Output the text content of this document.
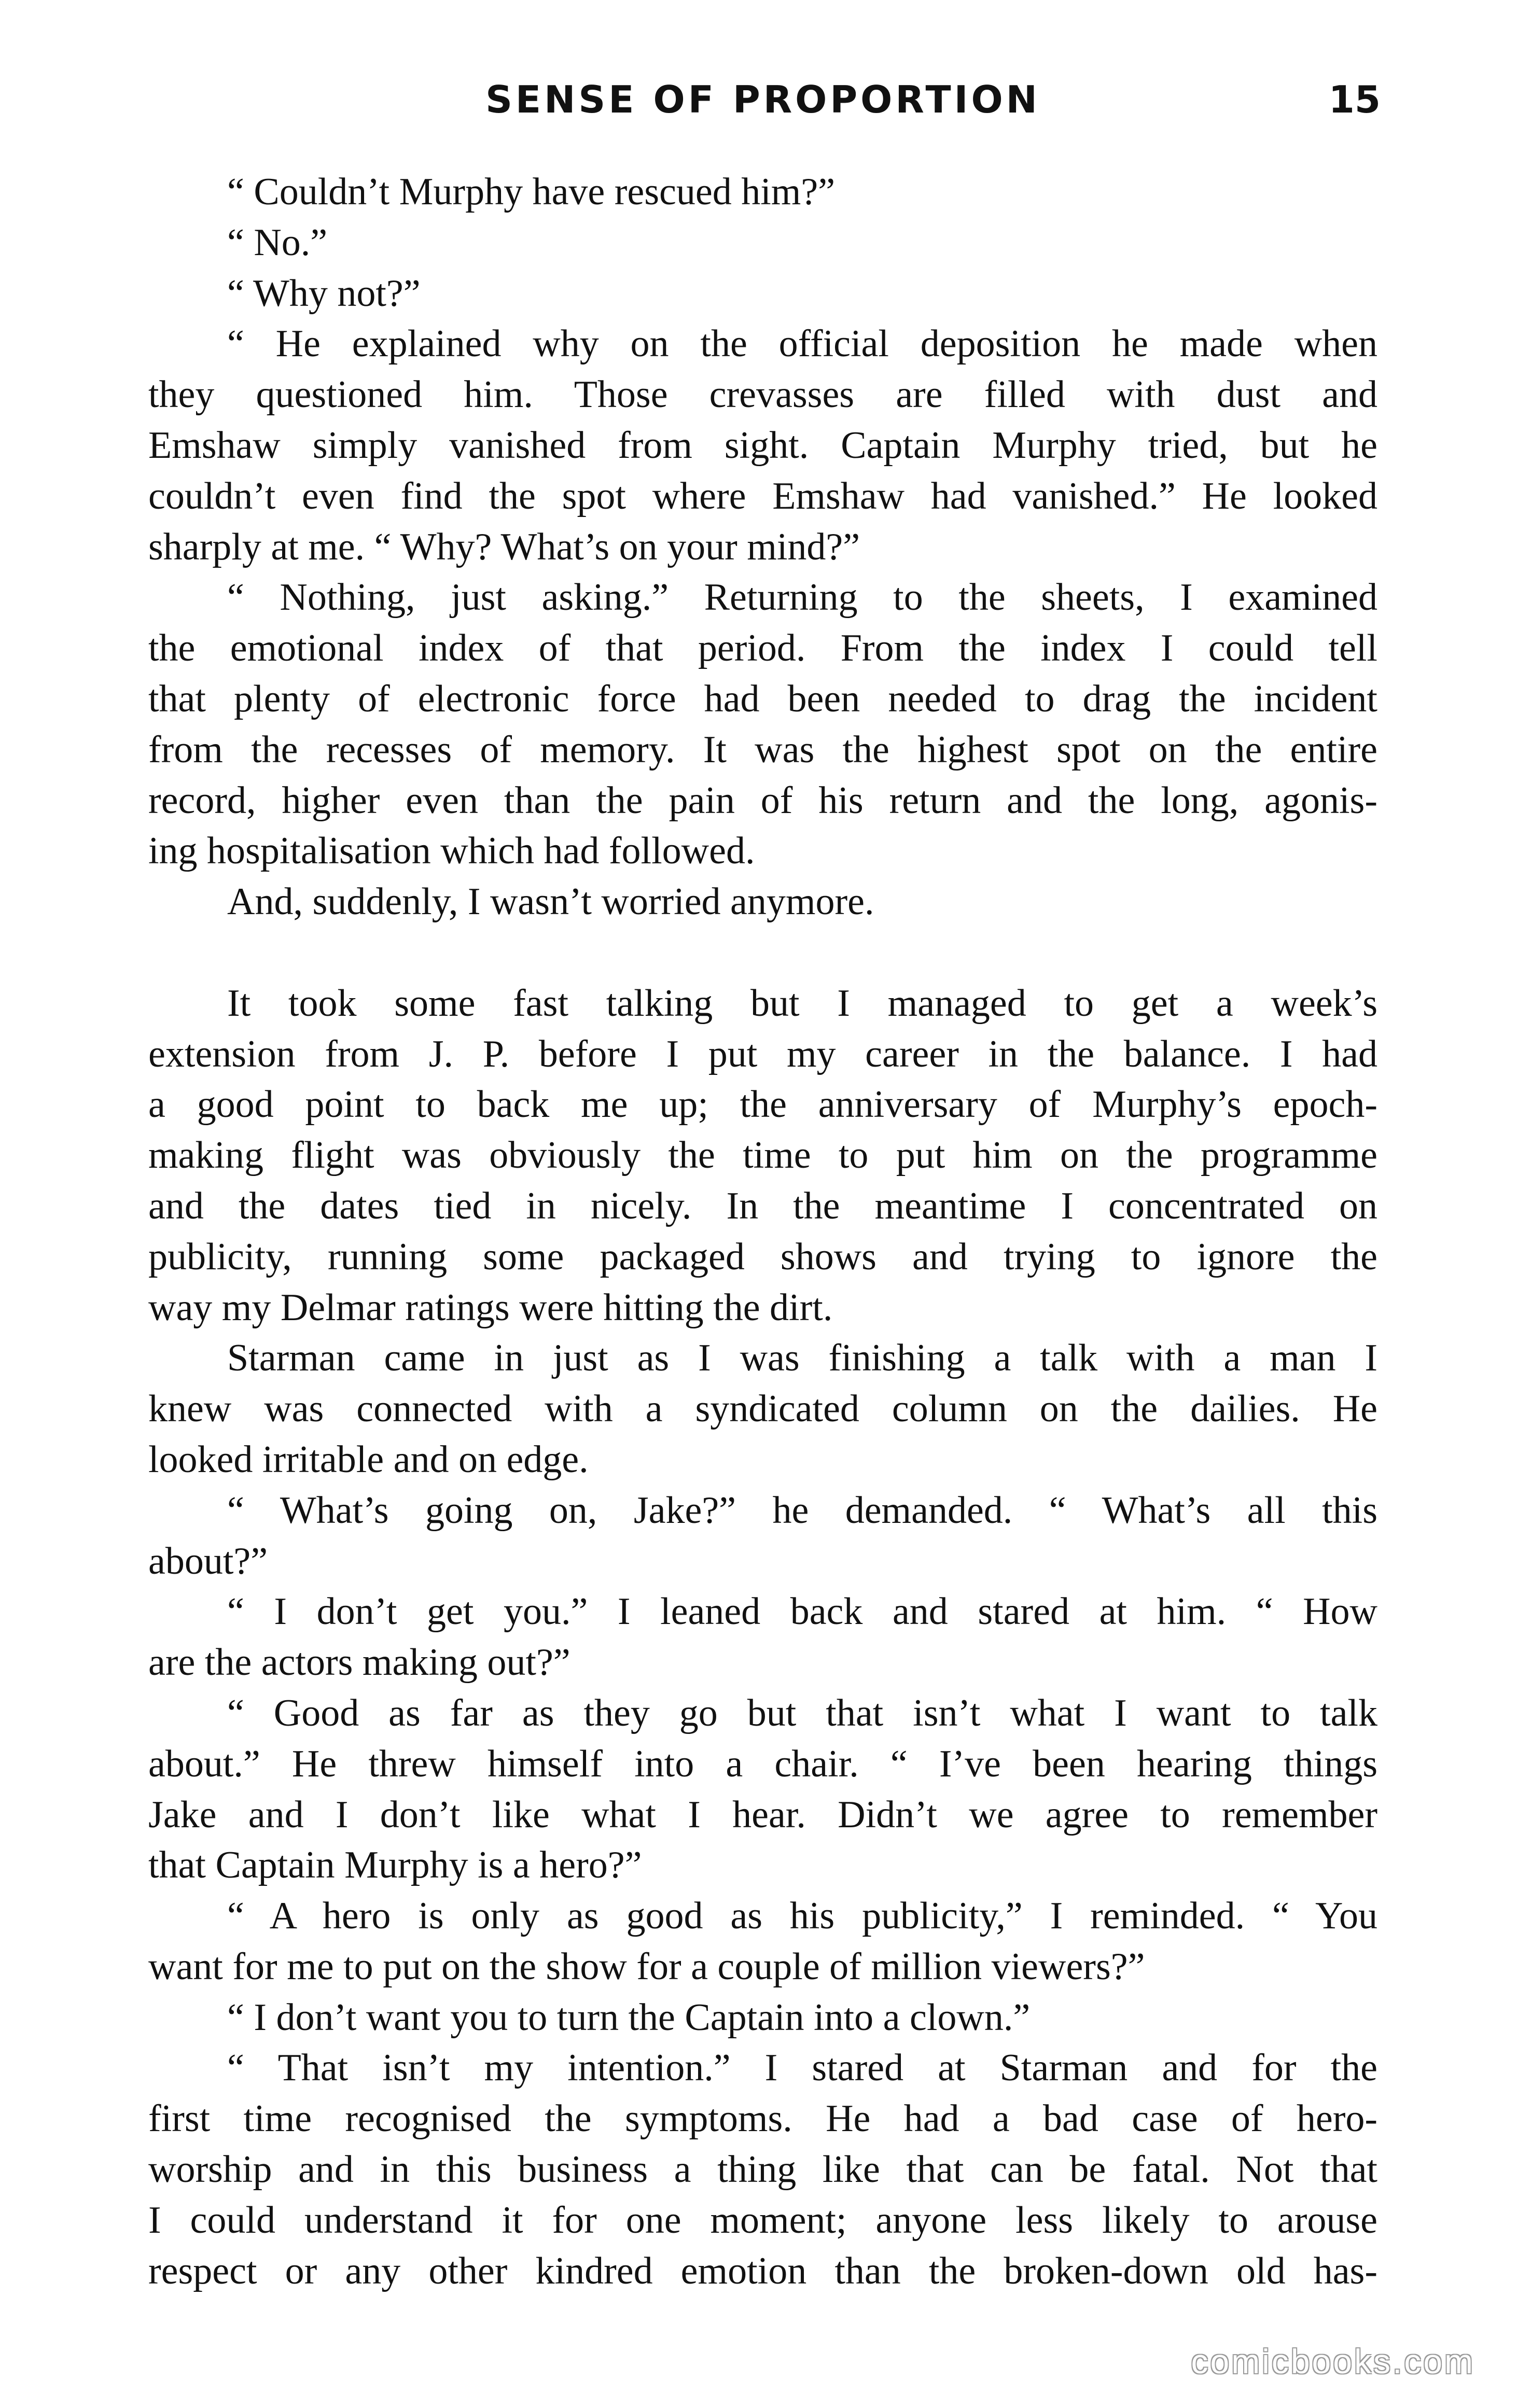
SENSE OF PROPORTION	15
“ Couldn’t Murphy have rescued him?”
“ No.”
“ Why not?”
“ He explained why on the official deposition he made when
they questioned him. Those crevasses are filled with dust and
Emshaw simply vanished from sight. Captain Murphy tried, but he
couldn’t even find the spot where Emshaw had vanished.” He looked
sharply at me. “ Why? What’s on your mind?”
“ Nothing, just asking.” Returning to the sheets, I examined
the emotional index of that period. From the index I could tell
that plenty of electronic force had been needed to drag the incident
from the recesses of memory. It was the highest spot on the entire
record, higher even than the pain of his return and the long, agonis-
ing hospitalisation which had followed.
And, suddenly, I wasn’t worried anymore.
It took some fast talking but I managed to get a week’s
extension from J. P. before I put my career in the balance. I had
a good point to back me up; the anniversary of Murphy’s epoch-
making flight was obviously the time to put him on the programme
and the dates tied in nicely. In the meantime I concentrated on
publicity, running some packaged shows and trying to ignore the
way my Delmar ratings were hitting the dirt.
Starman came in just as I was finishing a talk with a man I
knew was connected with a syndicated column on the dailies. He
looked irritable and on edge.
“ What’s going on, Jake?” he demanded. “ What’s all this
about?”
“ I don’t get you.” I leaned back and stared at him. “ How
are the actors making out?”
“ Good as far as they go but that isn’t what I want to talk
about.” He threw himself into a chair. “ I’ve been hearing things
Jake and I don’t like what I hear. Didn’t we agree to remember
that Captain Murphy is a hero?”
“ A hero is only as good as his publicity,” I reminded. “ You
want for me to put on the show for a couple of million viewers?”
“ I don’t want you to turn the Captain into a clown.”
“ That isn’t my intention.” I stared at Starman and for the
first time recognised the symptoms. He had a bad case of hero-
worship and in this business a thing like that can be fatal. Not that
I could understand it for one moment; anyone less likely to arouse
respect or any other kindred emotion than the broken-down old has-
comicbooks.com
